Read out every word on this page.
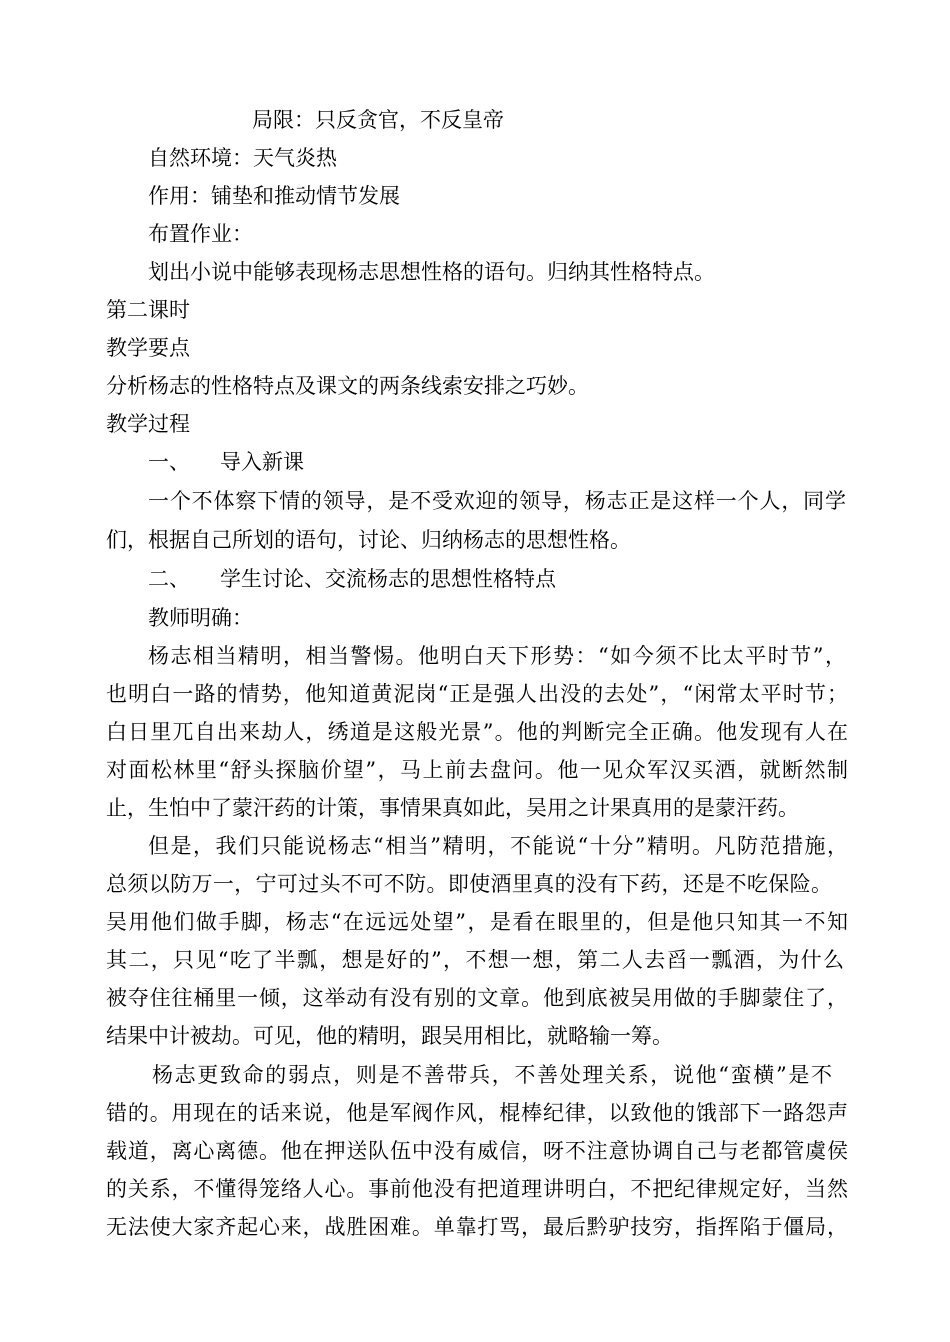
局限：只反贪官，不反皇帝

自然环境：天气炎热

作用：铺垫和推动情节发展

布置作业：

划出小说中能够表现杨志思想性格的语句。归纳其性格特点。

第二课时

教学要点

分析杨志的性格特点及课文的两条线索安排之巧妙。

教学过程

一、 导入新课

一个不体察下情的领导，是不受欢迎的领导，杨志正是这样一个人，同学

们，根据自己所划的语句，讨论、归纳杨志的思想性格。

二、 学生讨论、交流杨志的思想性格特点

教师明确：

杨志相当精明，相当警惕。他明白天下形势：“如今须不比太平时节”，

也明白一路的情势，他知道黄泥岗“正是强人出没的去处”，“闲常太平时节；

白日里兀自出来劫人，绣道是这般光景”。他的判断完全正确。他发现有人在

对面松林里“舒头探脑价望”，马上前去盘问。他一见众军汉买酒，就断然制

止，生怕中了蒙汗药的计策，事情果真如此，吴用之计果真用的是蒙汗药。

但是，我们只能说杨志“相当”精明，不能说“十分”精明。凡防范措施，

总须以防万一，宁可过头不可不防。即使酒里真的没有下药，还是不吃保险。

吴用他们做手脚，杨志“在远远处望”，是看在眼里的，但是他只知其一不知

其二，只见“吃了半瓢，想是好的”，不想一想，第二人去舀一瓢酒，为什么

被夺住往桶里一倾，这举动有没有别的文章。他到底被吴用做的手脚蒙住了，

结果中计被劫。可见，他的精明，跟吴用相比，就略输一筹。

杨志更致命的弱点，则是不善带兵，不善处理关系，说他“蛮横”是不

错的。用现在的话来说，他是军阀作风，棍棒纪律，以致他的饿部下一路怨声

载道，离心离德。他在押送队伍中没有威信，呀不注意协调自己与老都管虞侯

的关系，不懂得笼络人心。事前他没有把道理讲明白，不把纪律规定好，当然

无法使大家齐起心来，战胜困难。单靠打骂，最后黔驴技穷，指挥陷于僵局，
